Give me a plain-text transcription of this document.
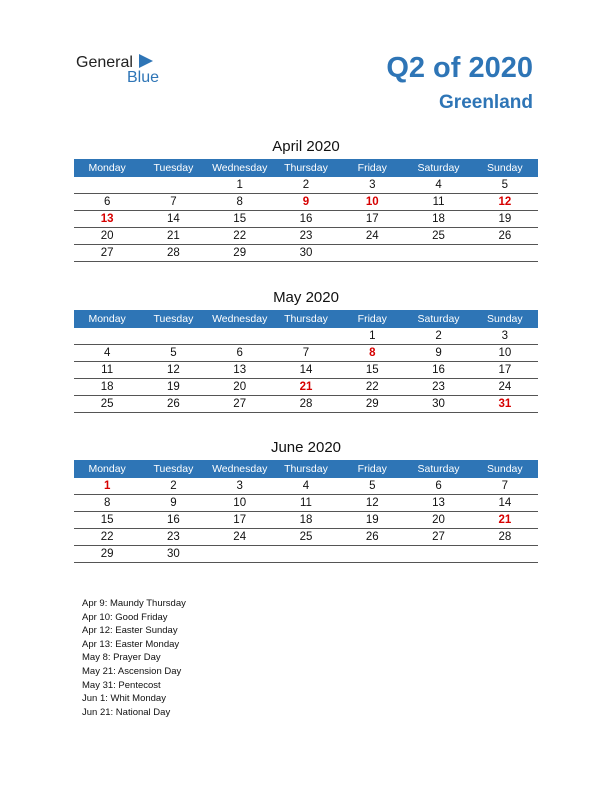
General
Blue	Q2 of 2020
Greenland
April 2020
Monday	Tuesday	Wednesday	Thursday	Friday	Saturday	Sunday
		1	2	3	4	5
6	7	8	9	10	11	12
13	14	15	16	17	18	19
20	21	22	23	24	25	26
27	28	29	30			
May 2020
Monday	Tuesday	Wednesday	Thursday	Friday	Saturday	Sunday
				1	2	3
4	5	6	7	8	9	10
11	12	13	14	15	16	17
18	19	20	21	22	23	24
25	26	27	28	29	30	31
June 2020
Monday	Tuesday	Wednesday	Thursday	Friday	Saturday	Sunday
1	2	3	4	5	6	7
8	9	10	11	12	13	14
15	16	17	18	19	20	21
22	23	24	25	26	27	28
29	30					
Apr 9: Maundy Thursday
Apr 10: Good Friday
Apr 12: Easter Sunday
Apr 13: Easter Monday
May 8: Prayer Day
May 21: Ascension Day
May 31: Pentecost
Jun 1: Whit Monday
Jun 21: National Day
